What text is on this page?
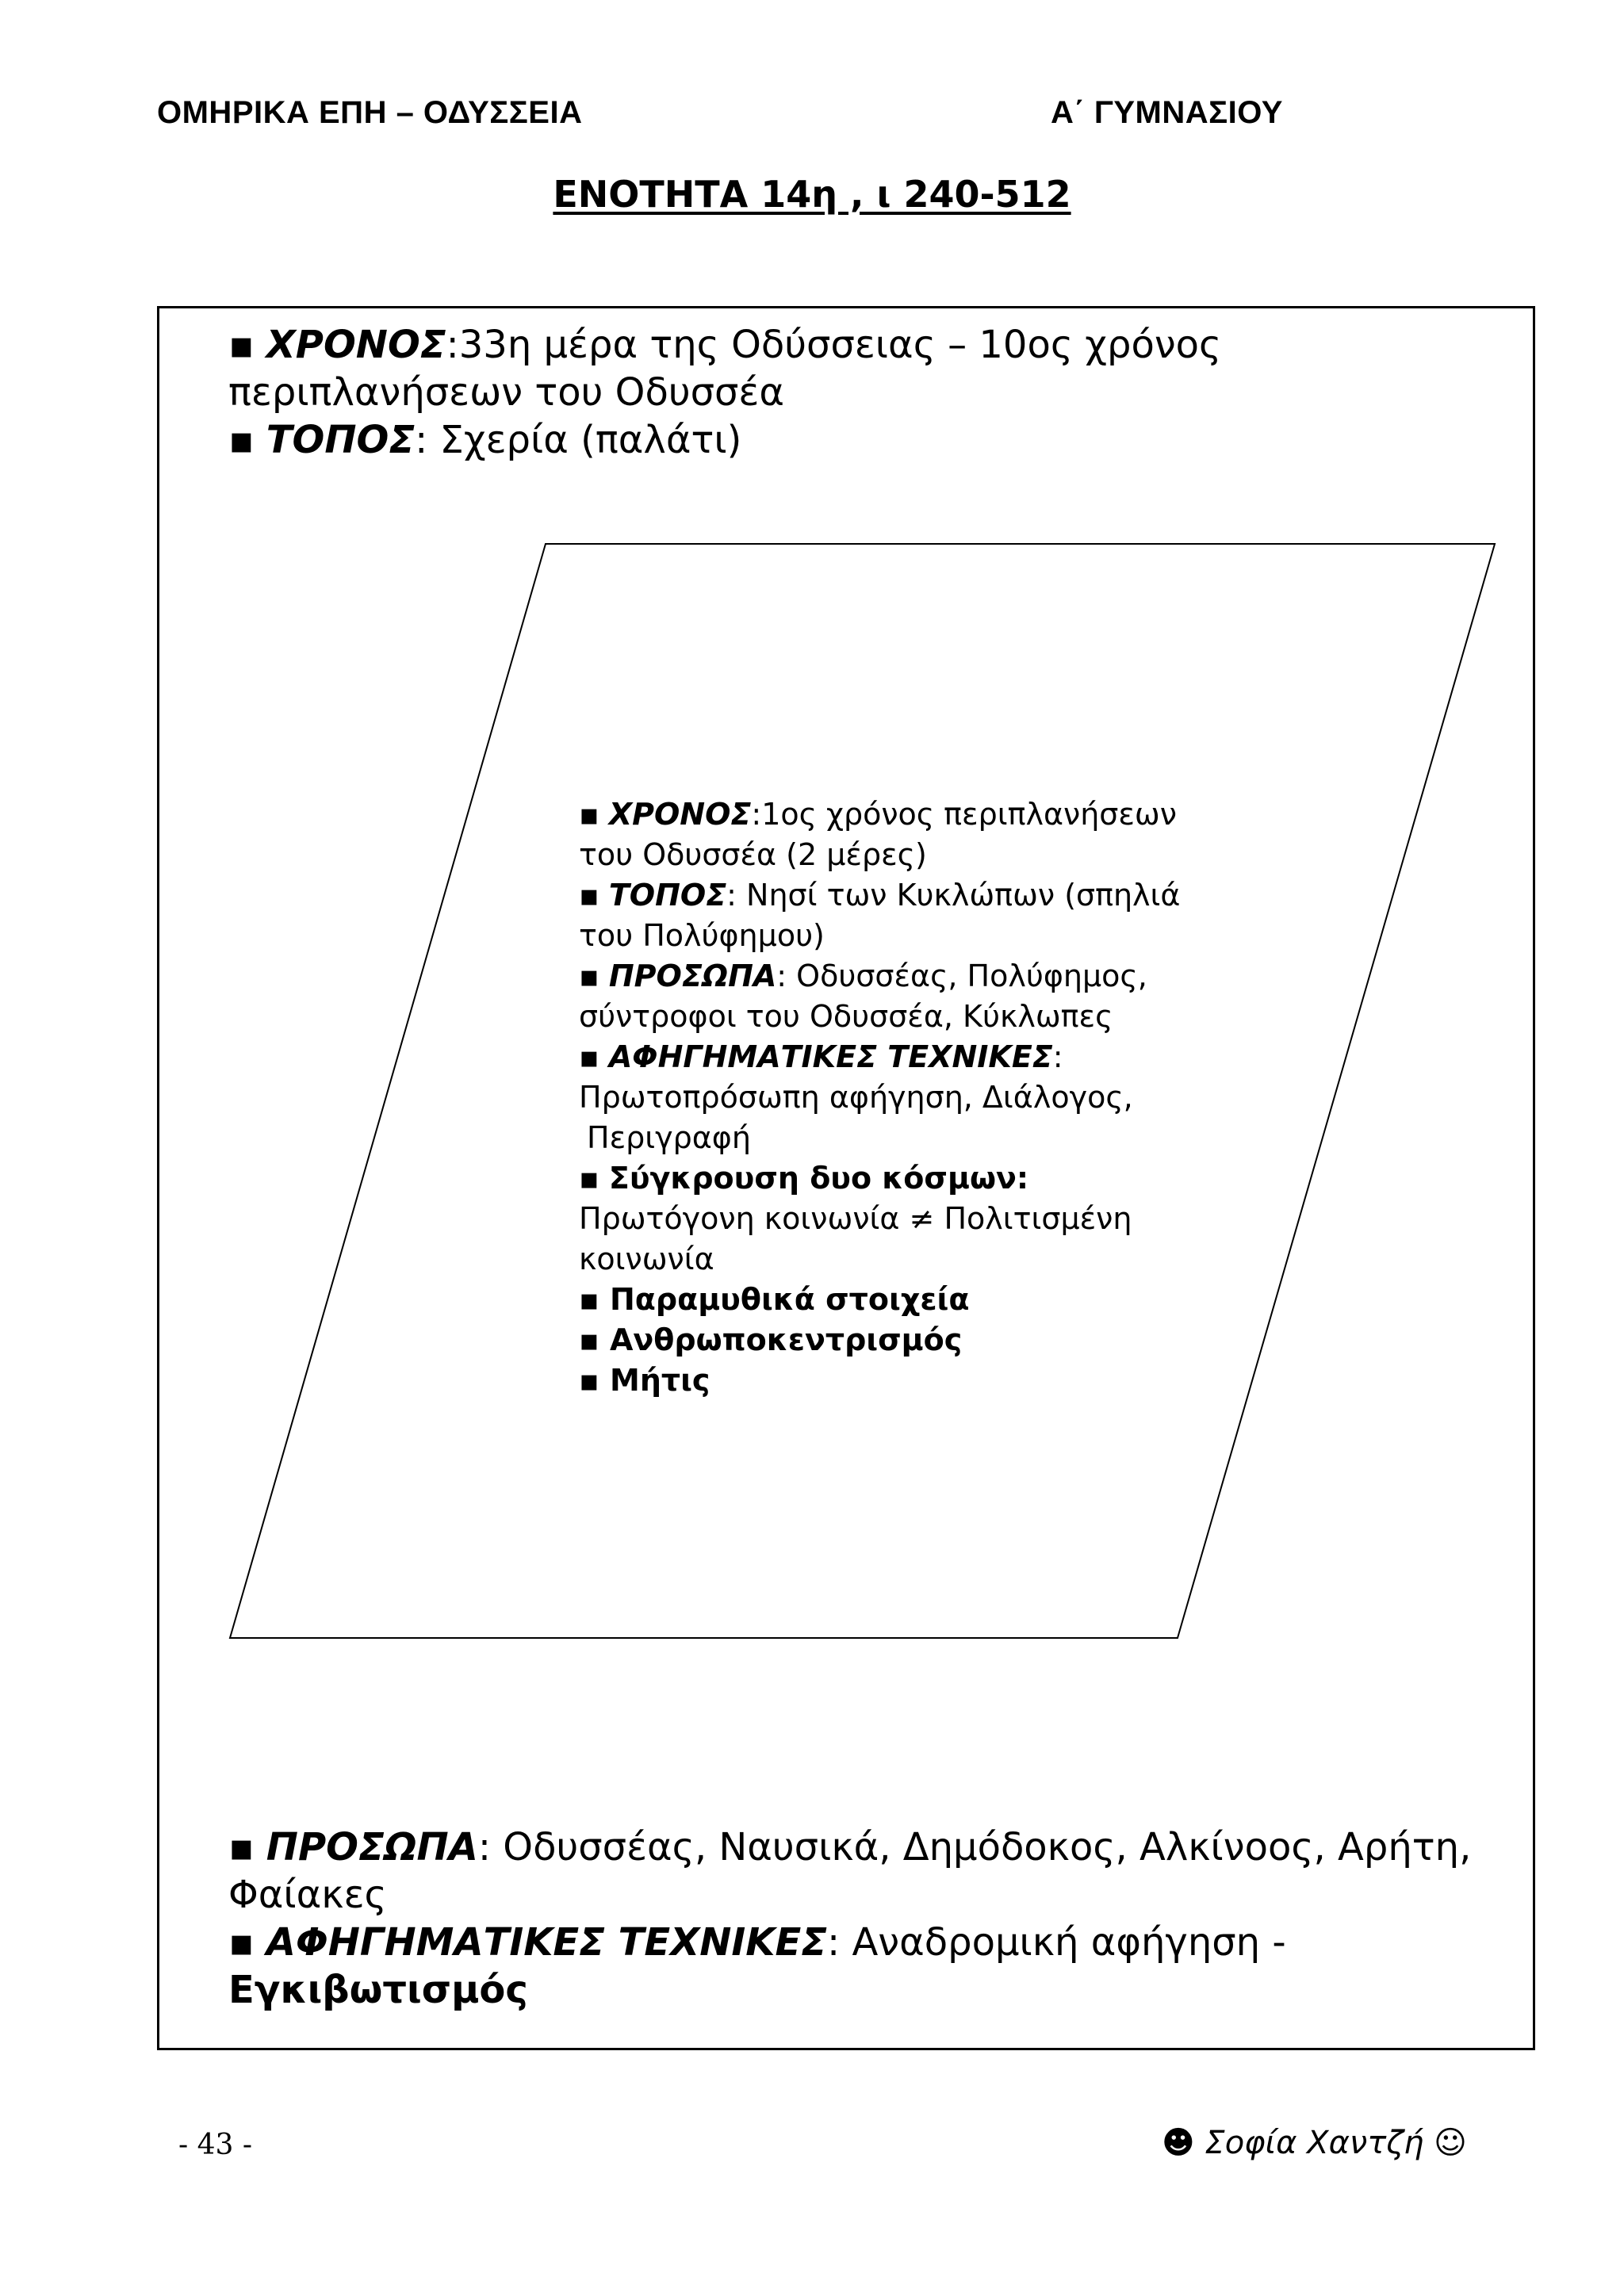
ΟΜΗΡΙΚΑ ΕΠΗ – ΟΔΥΣΣΕΙΑ	Α΄ ΓΥΜΝΑΣΙΟΥ
ΕΝΟΤΗΤΑ 14η , ι 240-512
▪ ΧΡΟΝΟΣ:33η μέρα της Οδύσσειας – 10ος χρόνος περιπλανήσεων του Οδυσσέα
▪ ΤΟΠΟΣ: Σχερία (παλάτι)
▪ ΧΡΟΝΟΣ:1ος χρόνος περιπλανήσεων του Οδυσσέα (2 μέρες)
▪ ΤΟΠΟΣ: Νησί των Κυκλώπων (σπηλιά του Πολύφημου)
▪ ΠΡΟΣΩΠΑ: Οδυσσέας, Πολύφημος, σύντροφοι του Οδυσσέα, Κύκλωπες
▪ ΑΦΗΓΗΜΑΤΙΚΕΣ ΤΕΧΝΙΚΕΣ:
Πρωτοπρόσωπη αφήγηση, Διάλογος,
Περιγραφή
▪ Σύγκρουση δυο κόσμων: Πρωτόγονη κοινωνία ≠ Πολιτισμένη κοινωνία
▪ Παραμυθικά στοιχεία
▪ Ανθρωποκεντρισμός
▪ Μήτις
▪ ΠΡΟΣΩΠΑ: Οδυσσέας, Ναυσικά, Δημόδοκος, Αλκίνοος, Αρήτη, Φαίακες
▪ ΑΦΗΓΗΜΑΤΙΚΕΣ ΤΕΧΝΙΚΕΣ: Αναδρομική αφήγηση - Εγκιβωτισμός
- 43 -	☻ Σοφία Χαντζή ☺
